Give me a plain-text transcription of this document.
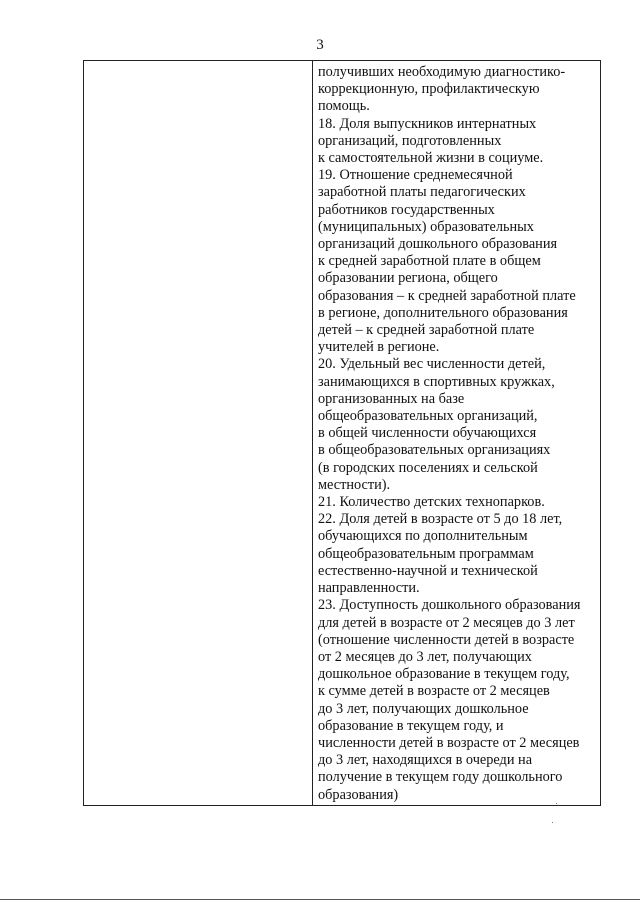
3
получивших необходимую диагностико-
коррекционную, профилактическую
помощь.
18. Доля выпускников интернатных
организаций, подготовленных
к самостоятельной жизни в социуме.
19. Отношение среднемесячной
заработной платы педагогических
работников государственных
(муниципальных) образовательных
организаций дошкольного образования
к средней заработной плате в общем
образовании региона, общего
образования – к средней заработной плате
в регионе, дополнительного образования
детей – к средней заработной плате
учителей в регионе.
20. Удельный вес численности детей,
занимающихся в спортивных кружках,
организованных на базе
общеобразовательных организаций,
в общей численности обучающихся
в общеобразовательных организациях
(в городских поселениях и сельской
местности).
21. Количество детских технопарков.
22. Доля детей в возрасте от 5 до 18 лет,
обучающихся по дополнительным
общеобразовательным программам
естественно-научной и технической
направленности.
23. Доступность дошкольного образования
для детей в возрасте от 2 месяцев до 3 лет
(отношение численности детей в возрасте
от 2 месяцев до 3 лет, получающих
дошкольное образование в текущем году,
к сумме детей в возрасте от 2 месяцев
до 3 лет, получающих дошкольное
образование в текущем году, и
численности детей в возрасте от 2 месяцев
до 3 лет, находящихся в очереди на
получение в текущем году дошкольного
образования)
